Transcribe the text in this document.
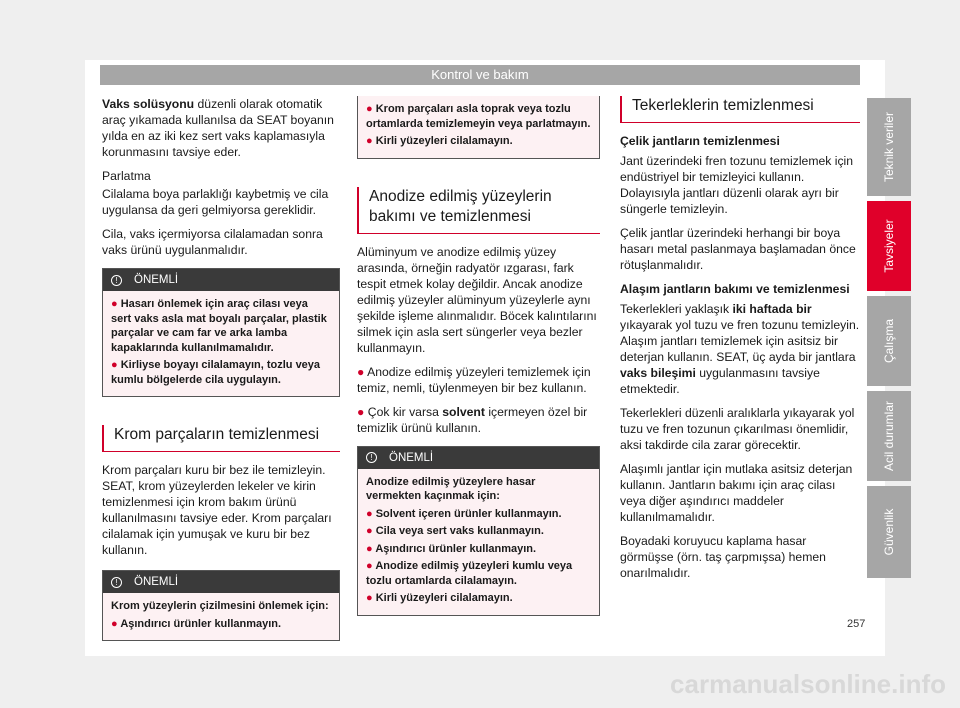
Kontrol ve bakım

Vaks solüsyonu düzenli olarak otomatik araç yıkamada kullanılsa da SEAT boyanın yılda en az iki kez sert vaks kaplamasıyla korunmasını tavsiye eder.

Parlatma

Cilalama boya parlaklığı kaybetmiş ve cila uygulansa da geri gelmiyorsa gereklidir.

Cila, vaks içermiyorsa cilalamadan sonra vaks ürünü uygulanmalıdır.

!	ÖNEMLİ

● Hasarı önlemek için araç cilası veya sert vaks asla mat boyalı parçalar, plastik parçalar ve cam far ve arka lamba kapaklarında kullanılmamalıdır.

● Kirliyse boyayı cilalamayın, tozlu veya kumlu bölgelerde cila uygulayın.

Krom parçaların temizlenmesi

Krom parçaları kuru bir bez ile temizleyin. SEAT, krom yüzeylerden lekeler ve kirin temizlenmesi için krom bakım ürünü kullanılmasını tavsiye eder. Krom parçaları cilalamak için yumuşak ve kuru bir bez kullanın.

!	ÖNEMLİ

Krom yüzeylerin çizilmesini önlemek için:

● Aşındırıcı ürünler kullanmayın.

● Krom parçaları asla toprak veya tozlu ortamlarda temizlemeyin veya parlatmayın.

● Kirli yüzeyleri cilalamayın.

Anodize edilmiş yüzeylerin bakımı ve temizlenmesi

Alüminyum ve anodize edilmiş yüzey arasında, örneğin radyatör ızgarası, fark tespit etmek kolay değildir. Ancak anodize edilmiş yüzeyler alüminyum yüzeylerle aynı şekilde işleme alınmalıdır. Böcek kalıntılarını silmek için asla sert süngerler veya bezler kullanmayın.

● Anodize edilmiş yüzeyleri temizlemek için temiz, nemli, tüylenmeyen bir bez kullanın.

● Çok kir varsa solvent içermeyen özel bir temizlik ürünü kullanın.

!	ÖNEMLİ

Anodize edilmiş yüzeylere hasar vermekten kaçınmak için:

● Solvent içeren ürünler kullanmayın.

● Cila veya sert vaks kullanmayın.

● Aşındırıcı ürünler kullanmayın.

● Anodize edilmiş yüzeyleri kumlu veya tozlu ortamlarda cilalamayın.

● Kirli yüzeyleri cilalamayın.

Tekerleklerin temizlenmesi

Çelik jantların temizlenmesi

Jant üzerindeki fren tozunu temizlemek için endüstriyel bir temizleyici kullanın. Dolayısıyla jantları düzenli olarak ayrı bir süngerle temizleyin.

Çelik jantlar üzerindeki herhangi bir boya hasarı metal paslanmaya başlamadan önce rötuşlanmalıdır.

Alaşım jantların bakımı ve temizlenmesi

Tekerlekleri yaklaşık iki haftada bir yıkayarak yol tuzu ve fren tozunu temizleyin. Alaşım jantları temizlemek için asitsiz bir deterjan kullanın. SEAT, üç ayda bir jantlara vaks bileşimi uygulanmasını tavsiye etmektedir.

Tekerlekleri düzenli aralıklarla yıkayarak yol tuzu ve fren tozunun çıkarılması önemlidir, aksi takdirde cila zarar görecektir.

Alaşımlı jantlar için mutlaka asitsiz deterjan kullanın. Jantların bakımı için araç cilası veya diğer aşındırıcı maddeler kullanılmamalıdır.

Boyadaki koruyucu kaplama hasar görmüşse (örn. taş çarpmışsa) hemen onarılmalıdır.

Teknik veriler
Tavsiyeler
Çalışma
Acil durumlar
Güvenlik
257
carmanualsonline.info
